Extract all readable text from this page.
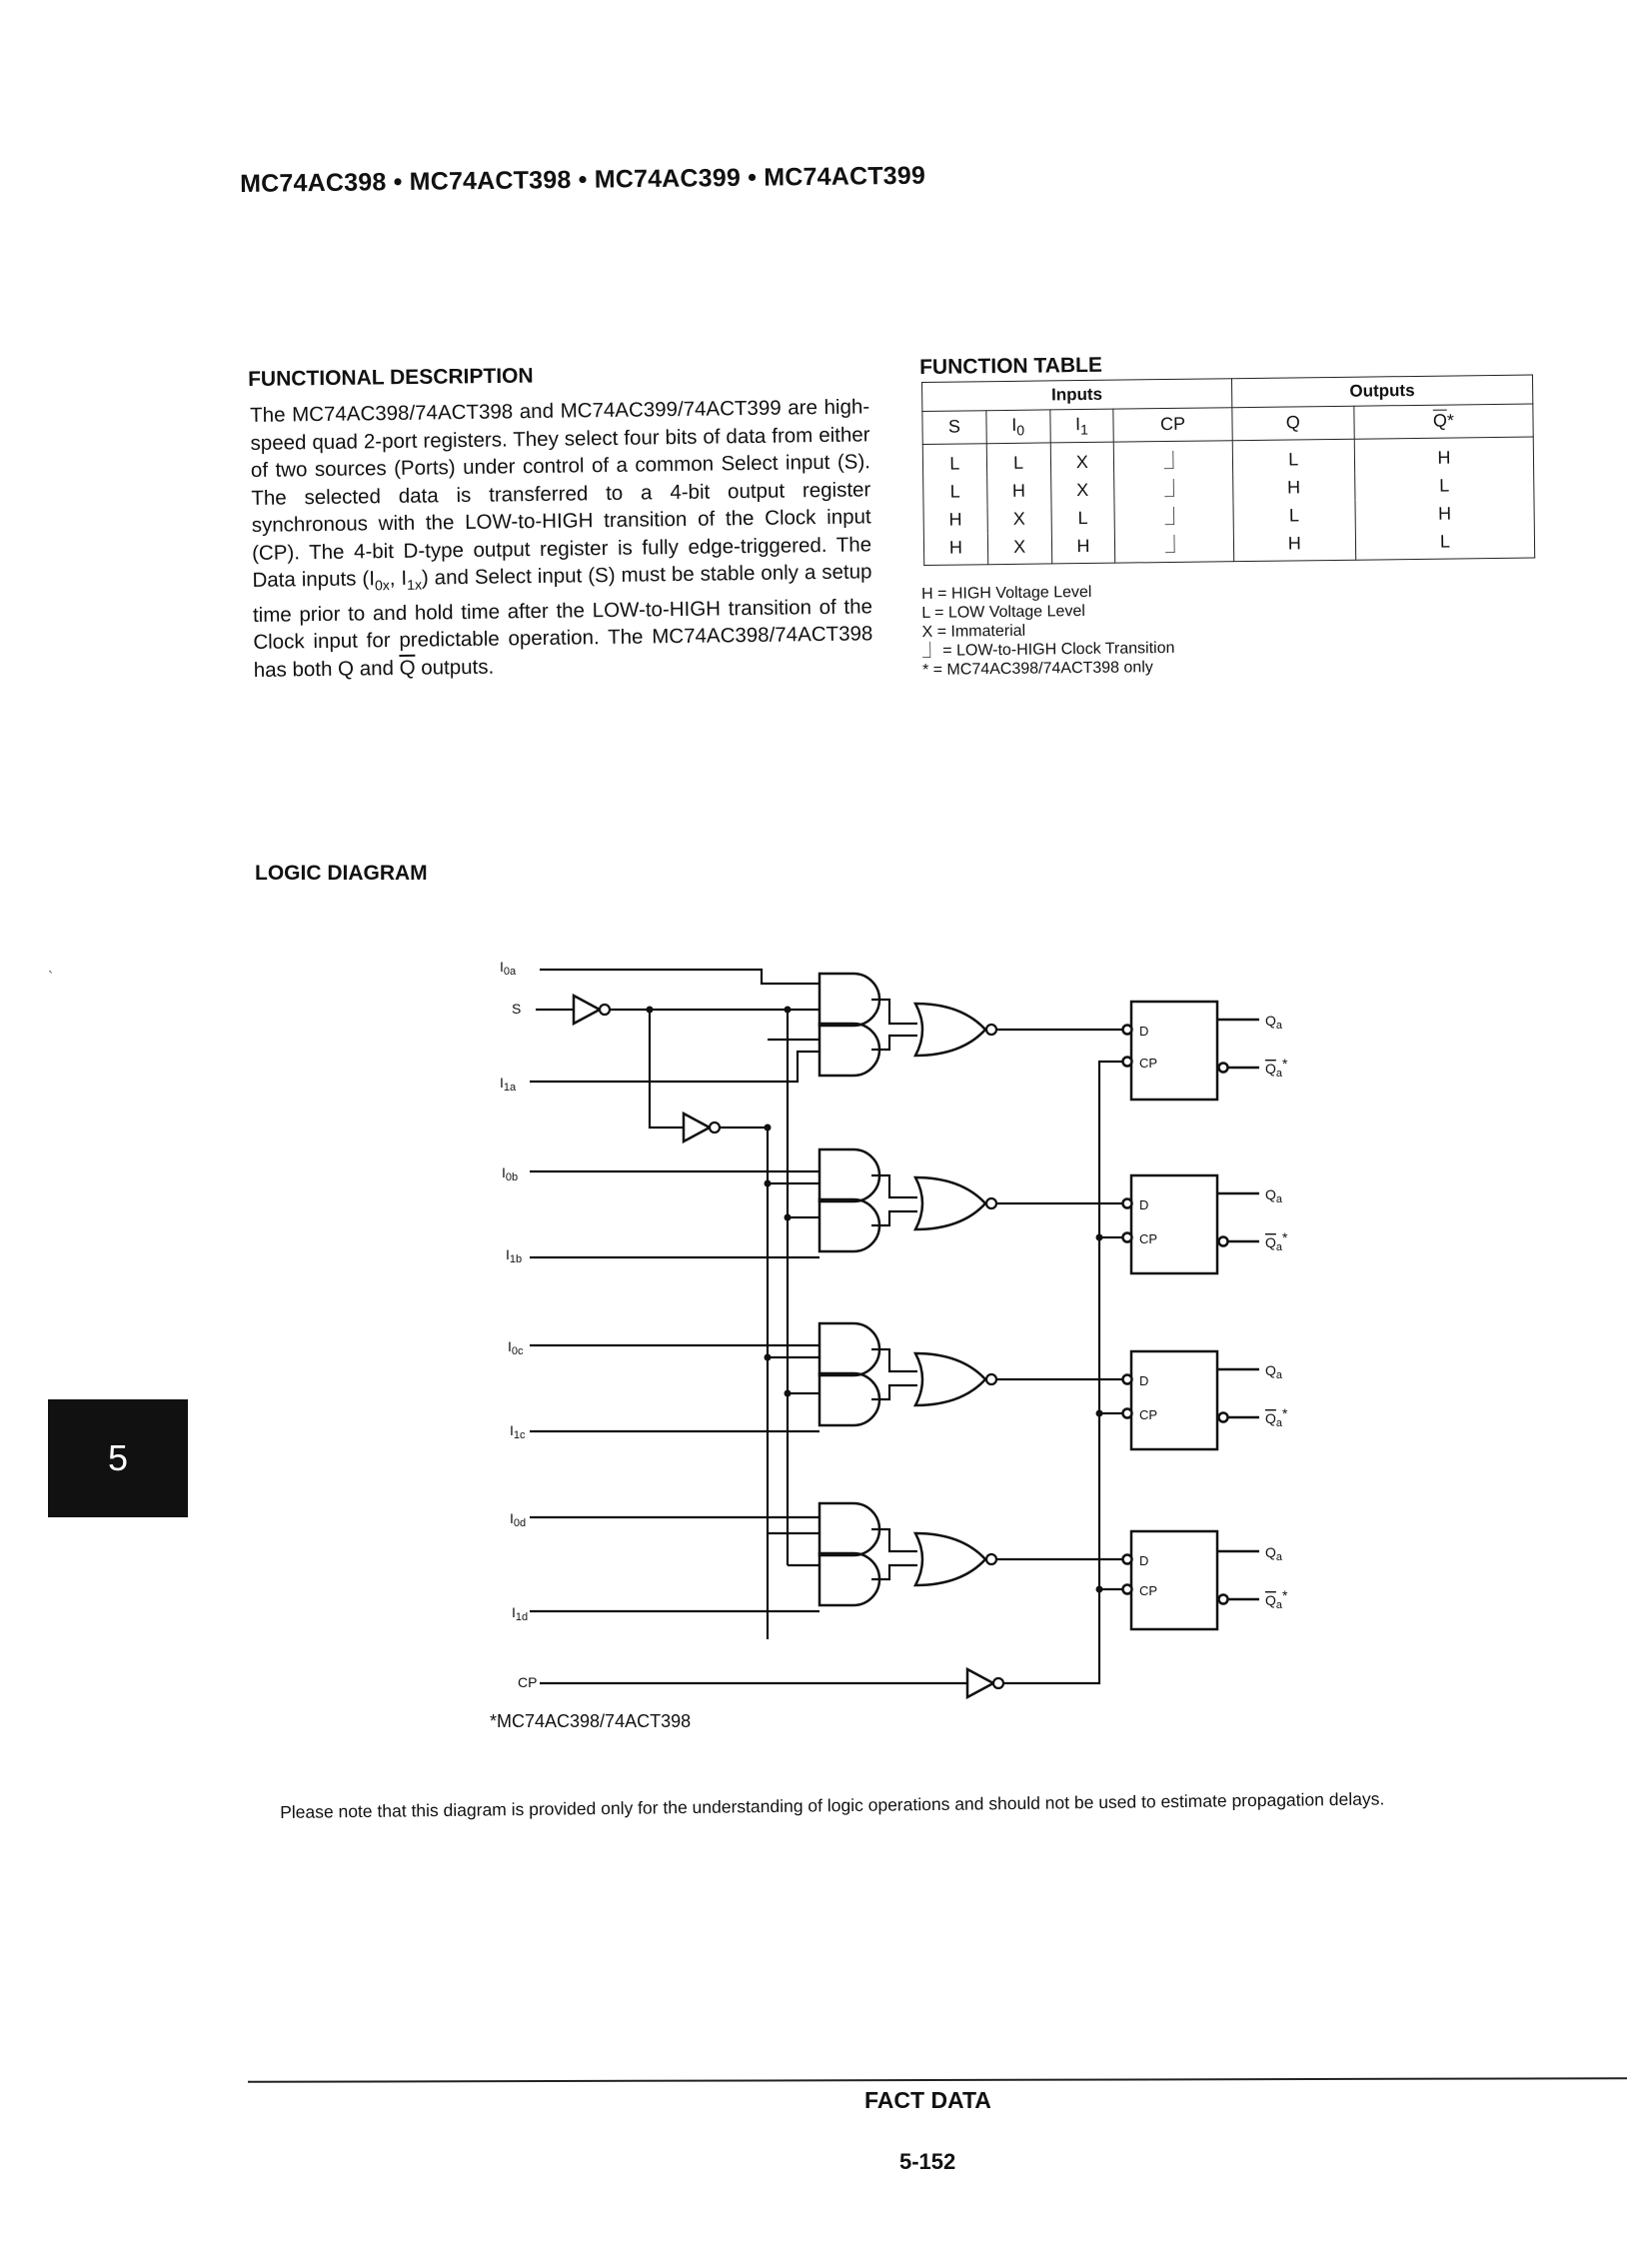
MC74AC398 • MC74ACT398 • MC74AC399 • MC74ACT399
FUNCTIONAL DESCRIPTION

The MC74AC398/74ACT398 and MC74AC399/74ACT399 are high-speed quad 2-port registers. They select four bits of data from either of two sources (Ports) under control of a common Select input (S). The selected data is transferred to a 4-bit output register synchronous with the LOW-to-HIGH transition of the Clock input (CP). The 4-bit D-type output register is fully edge-triggered. The Data inputs ($I_{0x}$, $I_{1x}$) and Select input (S) must be stable only a setup time prior to and hold time after the LOW-to-HIGH transition of the Clock input for predictable operation. The MC74AC398/74ACT398 has both Q and $\overline{Q}$ outputs.

FUNCTION TABLE
Inputs				Outputs	
S	$I_0$	$I_1$	CP	Q	$\overline{Q}*$
L	L	X	⏌	L	H
L	H	X	⏌	H	L
H	X	L	⏌	L	H
H	X	H	⏌	H	L
H = HIGH Voltage Level
L = LOW Voltage Level
X = Immaterial
⏌ = LOW-to-HIGH Clock Transition
* = MC74AC398/74ACT398 only
LOGIC DIAGRAM
`
$I_{0a}$
S
$I_{1a}$
$I_{0b}$
$I_{1b}$
$I_{0c}$
$I_{1c}$
$I_{0d}$
$I_{1d}$
CP
D
CP
D
CP
D
CP
D
CP
$Q_a$
$Q_a*$
$Q_a$
$Q_a*$
$Q_a$
$Q_a*$
$Q_a$
$Q_a*$
*MC74AC398/74ACT398
Please note that this diagram is provided only for the understanding of logic operations and should not be used to estimate propagation delays.
5
FACT DATA
5-152
